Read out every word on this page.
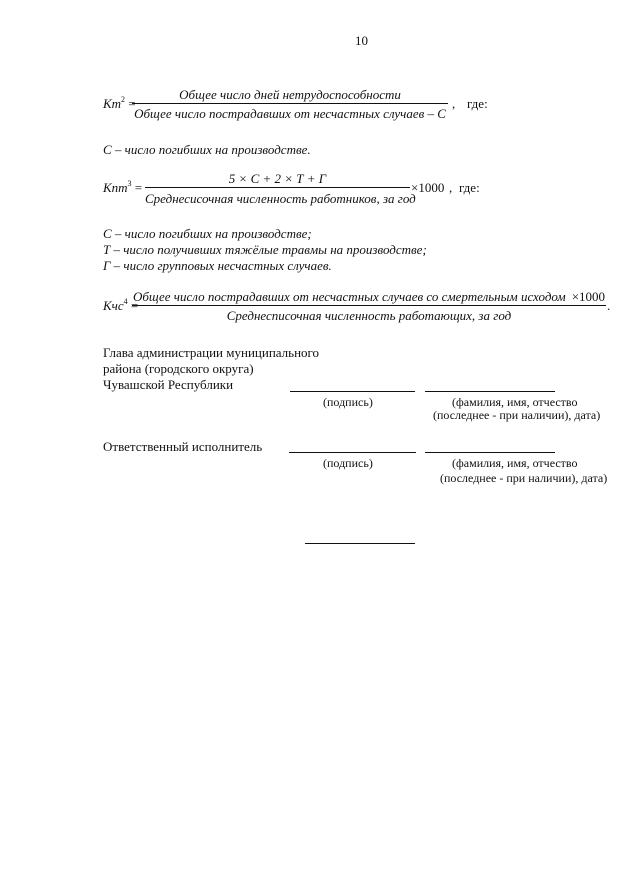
10
$Кт^2$ =
Общее число дней нетрудоспособности
Общее число пострадавших от несчастных случаев – С
, где:
С – число погибших на производстве.
Кпт$^3$ =
5 × С + 2 × Т + Г
Среднесисочная численность работников, за год
×1000 , где:
С – число погибших на производстве;
Т – число получивших тяжёлые травмы на производстве;
Г – число групповых несчастных случаев.
Кчс$^4$ =
Общее число пострадавших от несчастных случаев со смертельным исходом ×1000
Среднесписочная численность работающих, за год
.
Глава администрации муниципального
района (городского округа)
Чувашской Республики
(подпись)	(фамилия, имя, отчество
(последнее - при наличии), дата)
Ответственный исполнитель
(подпись)	(фамилия, имя, отчество
(последнее - при наличии), дата)
